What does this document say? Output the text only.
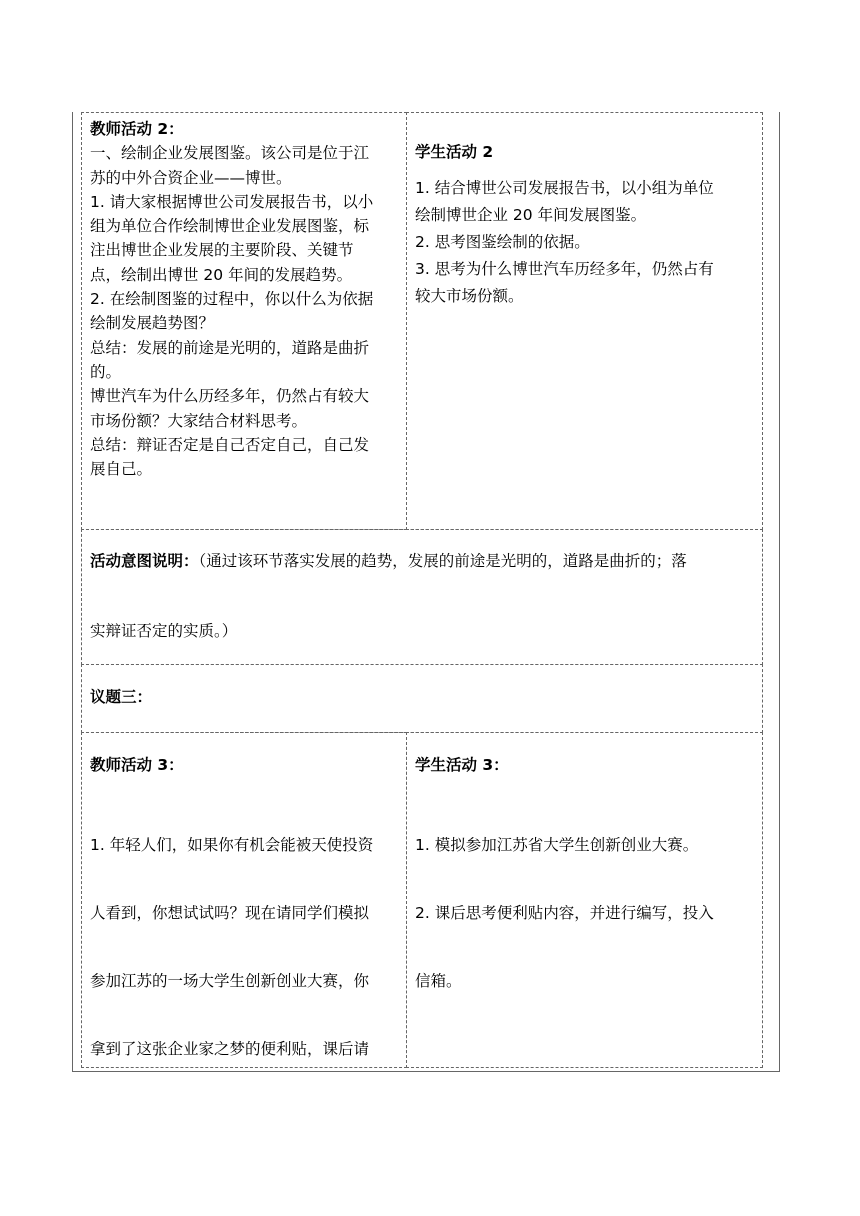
教师活动 2：
一、绘制企业发展图鉴。该公司是位于江
苏的中外合资企业——博世。
1. 请大家根据博世公司发展报告书，以小
组为单位合作绘制博世企业发展图鉴，标
注出博世企业发展的主要阶段、关键节
点，绘制出博世 20 年间的发展趋势。
2. 在绘制图鉴的过程中，你以什么为依据
绘制发展趋势图？
总结：发展的前途是光明的，道路是曲折
的。
博世汽车为什么历经多年，仍然占有较大
市场份额？大家结合材料思考。
总结：辩证否定是自己否定自己，自己发
展自己。
学生活动 2
1. 结合博世公司发展报告书，以小组为单位
绘制博世企业 20 年间发展图鉴。
2. 思考图鉴绘制的依据。
3. 思考为什么博世汽车历经多年，仍然占有
较大市场份额。
活动意图说明：（通过该环节落实发展的趋势，发展的前途是光明的，道路是曲折的；落
实辩证否定的实质。）
议题三：
教师活动 3：
1. 年轻人们，如果你有机会能被天使投资
人看到，你想试试吗？现在请同学们模拟
参加江苏的一场大学生创新创业大赛，你
拿到了这张企业家之梦的便利贴，课后请
学生活动 3：
1. 模拟参加江苏省大学生创新创业大赛。
2. 课后思考便利贴内容，并进行编写，投入
信箱。
